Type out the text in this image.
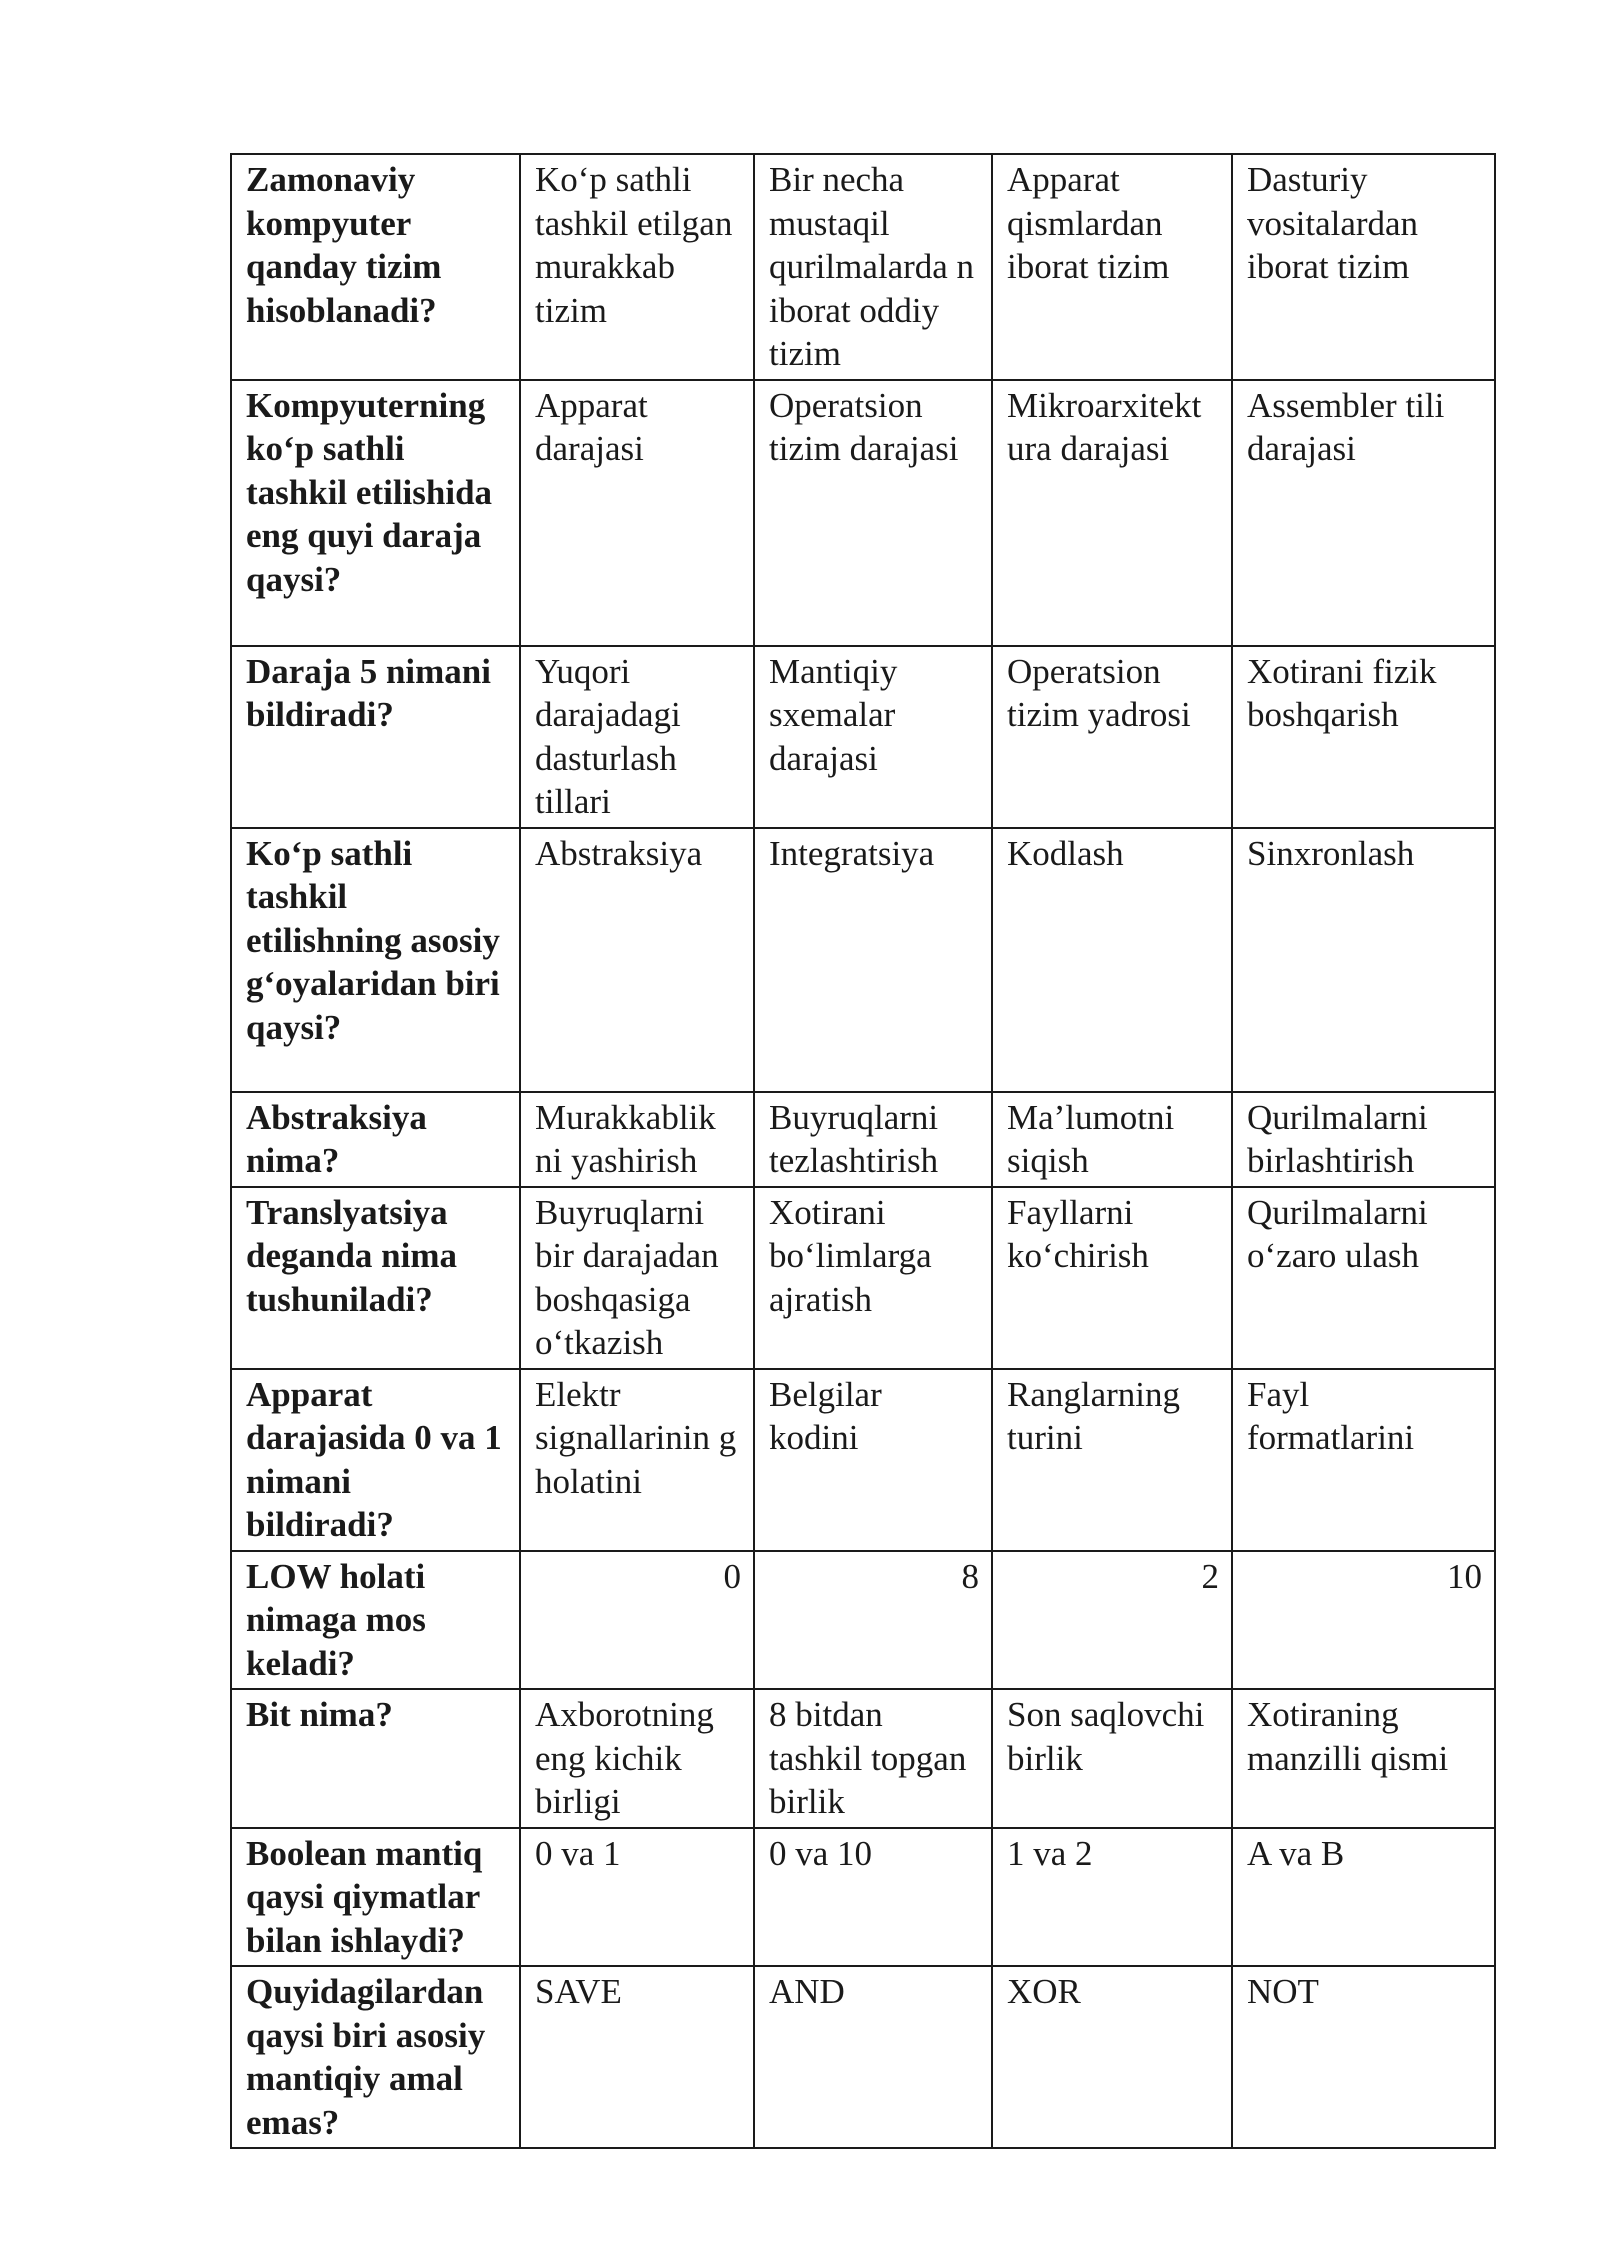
Zamonaviy kompyuter qanday tizim hisoblanadi?	Ko‘p sathli tashkil etilgan murakkab tizim	Bir necha mustaqil qurilmalarda n iborat oddiy tizim	Apparat qismlardan iborat tizim	Dasturiy vositalardan iborat tizim
Kompyuterning ko‘p sathli tashkil etilishida eng quyi daraja qaysi?	Apparat darajasi	Operatsion tizim darajasi	Mikroarxitekt ura darajasi	Assembler tili darajasi
Daraja 5 nimani bildiradi?	Yuqori darajadagi dasturlash tillari	Mantiqiy sxemalar darajasi	Operatsion tizim yadrosi	Xotirani fizik boshqarish
Ko‘p sathli tashkil etilishning asosiy g‘oyalaridan biri qaysi?	Abstraksiya	Integratsiya	Kodlash	Sinxronlash
Abstraksiya nima?	Murakkablik ni yashirish	Buyruqlarni tezlashtirish	Ma’lumotni siqish	Qurilmalarni birlashtirish
Translyatsiya deganda nima tushuniladi?	Buyruqlarni bir darajadan boshqasiga o‘tkazish	Xotirani bo‘limlarga ajratish	Fayllarni ko‘chirish	Qurilmalarni o‘zaro ulash
Apparat darajasida 0 va 1 nimani bildiradi?	Elektr signallarinin g holatini	Belgilar kodini	Ranglarning turini	Fayl formatlarini
LOW holati nimaga mos keladi?	0	8	2	10
Bit nima?	Axborotning eng kichik birligi	8 bitdan tashkil topgan birlik	Son saqlovchi birlik	Xotiraning manzilli qismi
Boolean mantiq qaysi qiymatlar bilan ishlaydi?	0 va 1	0 va 10	1 va 2	A va B
Quyidagilardan qaysi biri asosiy mantiqiy amal emas?	SAVE	AND	XOR	NOT
